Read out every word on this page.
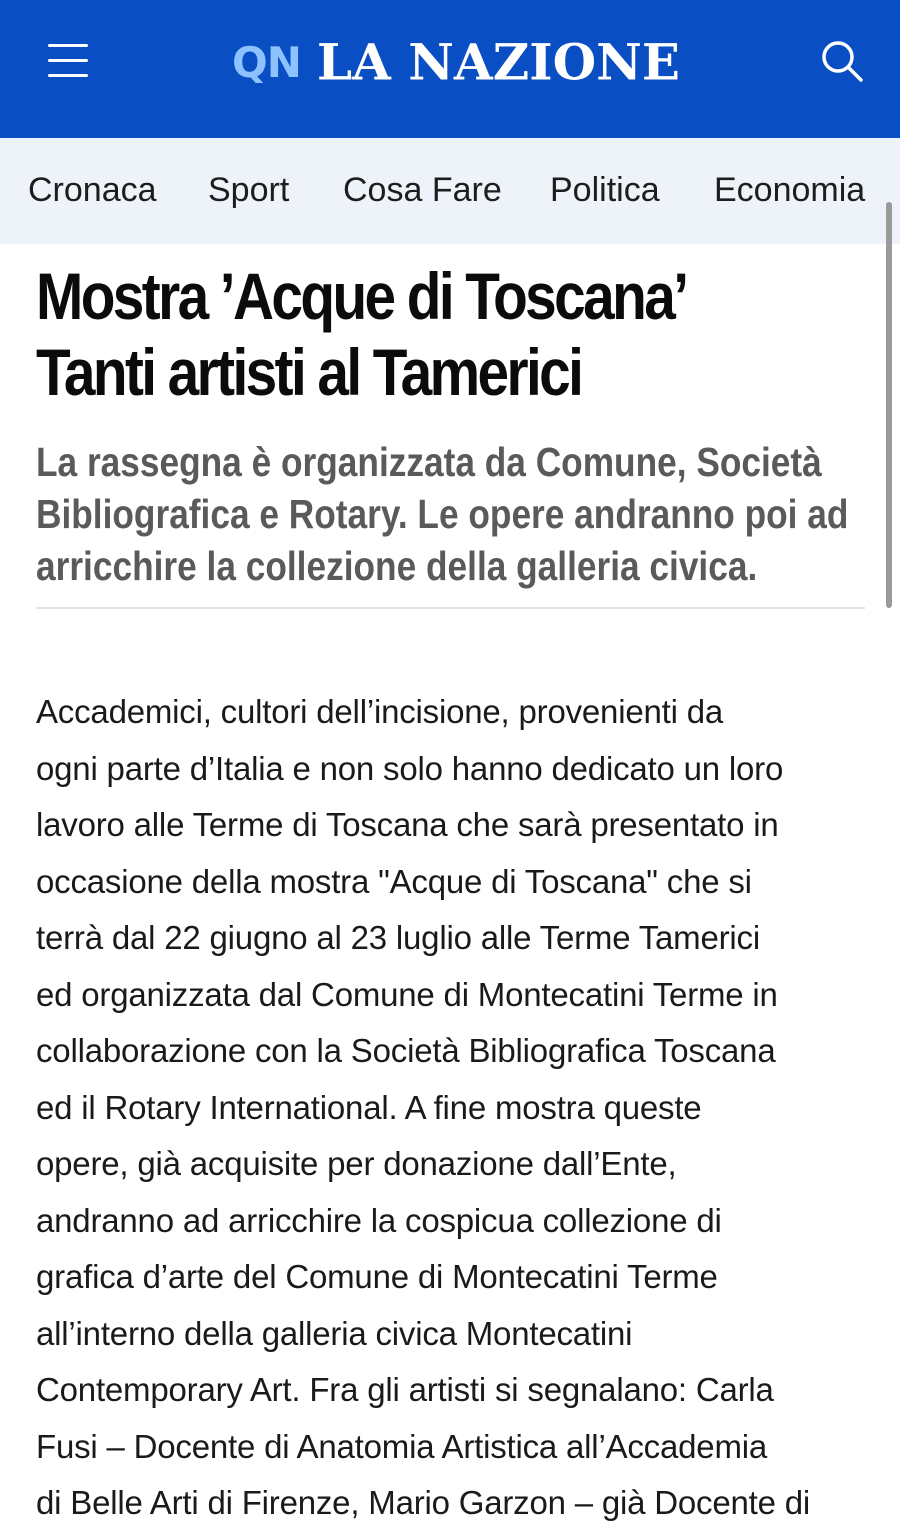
QN LA NAZIONE
Cronaca Sport Cosa Fare Politica Economia
Mostra ’Acque di Toscana’
Tanti artisti al Tamerici
La rassegna è organizzata da Comune, Società
Bibliografica e Rotary. Le opere andranno poi ad
arricchire la collezione della galleria civica.
Accademici, cultori dell’incisione, provenienti da
ogni parte d’Italia e non solo hanno dedicato un loro
lavoro alle Terme di Toscana che sarà presentato in
occasione della mostra "Acque di Toscana" che si
terrà dal 22 giugno al 23 luglio alle Terme Tamerici
ed organizzata dal Comune di Montecatini Terme in
collaborazione con la Società Bibliografica Toscana
ed il Rotary International. A fine mostra queste
opere, già acquisite per donazione dall’Ente,
andranno ad arricchire la cospicua collezione di
grafica d’arte del Comune di Montecatini Terme
all’interno della galleria civica Montecatini
Contemporary Art. Fra gli artisti si segnalano: Carla
Fusi – Docente di Anatomia Artistica all’Accademia
di Belle Arti di Firenze, Mario Garzon – già Docente di
